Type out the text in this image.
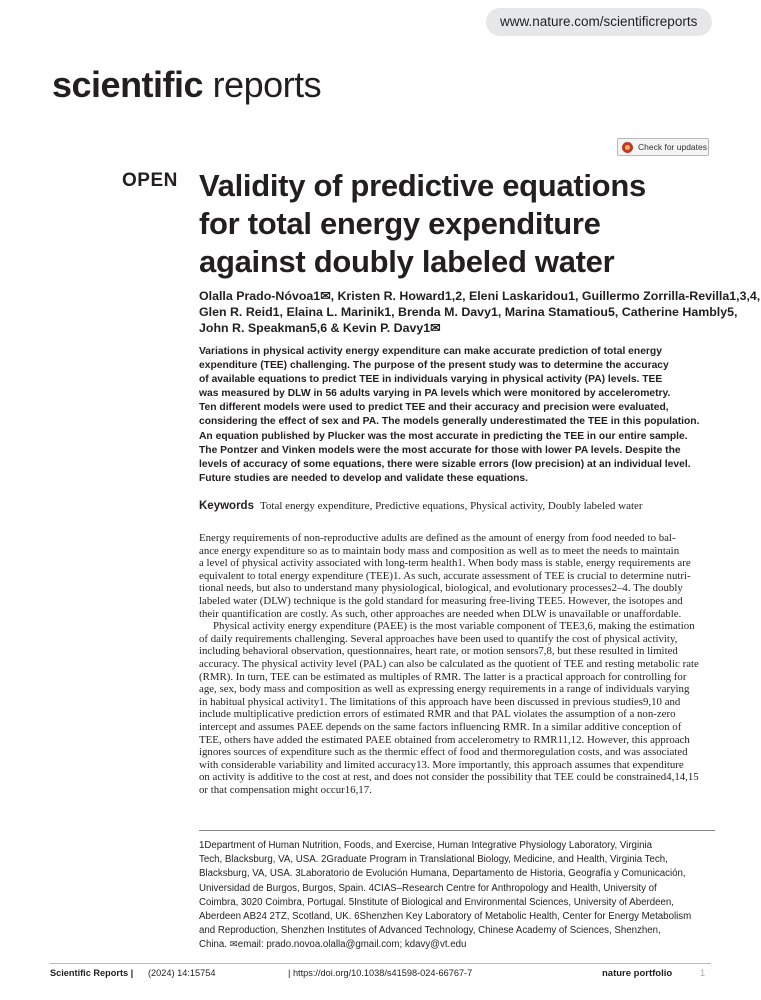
www.nature.com/scientificreports
scientific reports
Check for updates
OPEN Validity of predictive equations
for total energy expenditure
against doubly labeled water
Olalla Prado-Nóvoa1✉, Kristen R. Howard1,2, Eleni Laskaridou1, Guillermo Zorrilla-Revilla1,3,4,
Glen R. Reid1, Elaina L. Marinik1, Brenda M. Davy1, Marina Stamatiou5, Catherine Hambly5,
John R. Speakman5,6 & Kevin P. Davy1✉
Variations in physical activity energy expenditure can make accurate prediction of total energy
expenditure (TEE) challenging. The purpose of the present study was to determine the accuracy
of available equations to predict TEE in individuals varying in physical activity (PA) levels. TEE
was measured by DLW in 56 adults varying in PA levels which were monitored by accelerometry.
Ten different models were used to predict TEE and their accuracy and precision were evaluated,
considering the effect of sex and PA. The models generally underestimated the TEE in this population.
An equation published by Plucker was the most accurate in predicting the TEE in our entire sample.
The Pontzer and Vinken models were the most accurate for those with lower PA levels. Despite the
levels of accuracy of some equations, there were sizable errors (low precision) at an individual level.
Future studies are needed to develop and validate these equations.
Keywords Total energy expenditure, Predictive equations, Physical activity, Doubly labeled water
Energy requirements of non-reproductive adults are defined as the amount of energy from food needed to bal-
ance energy expenditure so as to maintain body mass and composition as well as to meet the needs to maintain
a level of physical activity associated with long-term health1. When body mass is stable, energy requirements are
equivalent to total energy expenditure (TEE)1. As such, accurate assessment of TEE is crucial to determine nutri-
tional needs, but also to understand many physiological, biological, and evolutionary processes2–4. The doubly
labeled water (DLW) technique is the gold standard for measuring free-living TEE5. However, the isotopes and
their quantification are costly. As such, other approaches are needed when DLW is unavailable or unaffordable.
Physical activity energy expenditure (PAEE) is the most variable component of TEE3,6, making the estimation
of daily requirements challenging. Several approaches have been used to quantify the cost of physical activity,
including behavioral observation, questionnaires, heart rate, or motion sensors7,8, but these resulted in limited
accuracy. The physical activity level (PAL) can also be calculated as the quotient of TEE and resting metabolic rate
(RMR). In turn, TEE can be estimated as multiples of RMR. The latter is a practical approach for controlling for
age, sex, body mass and composition as well as expressing energy requirements in a range of individuals varying
in habitual physical activity1. The limitations of this approach have been discussed in previous studies9,10 and
include multiplicative prediction errors of estimated RMR and that PAL violates the assumption of a non-zero
intercept and assumes PAEE depends on the same factors influencing RMR. In a similar additive conception of
TEE, others have added the estimated PAEE obtained from accelerometry to RMR11,12. However, this approach
ignores sources of expenditure such as the thermic effect of food and thermoregulation costs, and was associated
with considerable variability and limited accuracy13. More importantly, this approach assumes that expenditure
on activity is additive to the cost at rest, and does not consider the possibility that TEE could be constrained4,14,15
or that compensation might occur16,17.
1Department of Human Nutrition, Foods, and Exercise, Human Integrative Physiology Laboratory, Virginia
Tech, Blacksburg, VA, USA. 2Graduate Program in Translational Biology, Medicine, and Health, Virginia Tech,
Blacksburg, VA, USA. 3Laboratorio de Evolución Humana, Departamento de Historia, Geografía y Comunicación,
Universidad de Burgos, Burgos, Spain. 4CIAS–Research Centre for Anthropology and Health, University of
Coimbra, 3020 Coimbra, Portugal. 5Institute of Biological and Environmental Sciences, University of Aberdeen,
Aberdeen AB24 2TZ, Scotland, UK. 6Shenzhen Key Laboratory of Metabolic Health, Center for Energy Metabolism
and Reproduction, Shenzhen Institutes of Advanced Technology, Chinese Academy of Sciences, Shenzhen,
China. ✉email: prado.novoa.olalla@gmail.com; kdavy@vt.edu
Scientific Reports | (2024) 14:15754	| https://doi.org/10.1038/s41598-024-66767-7	nature portfolio	1
